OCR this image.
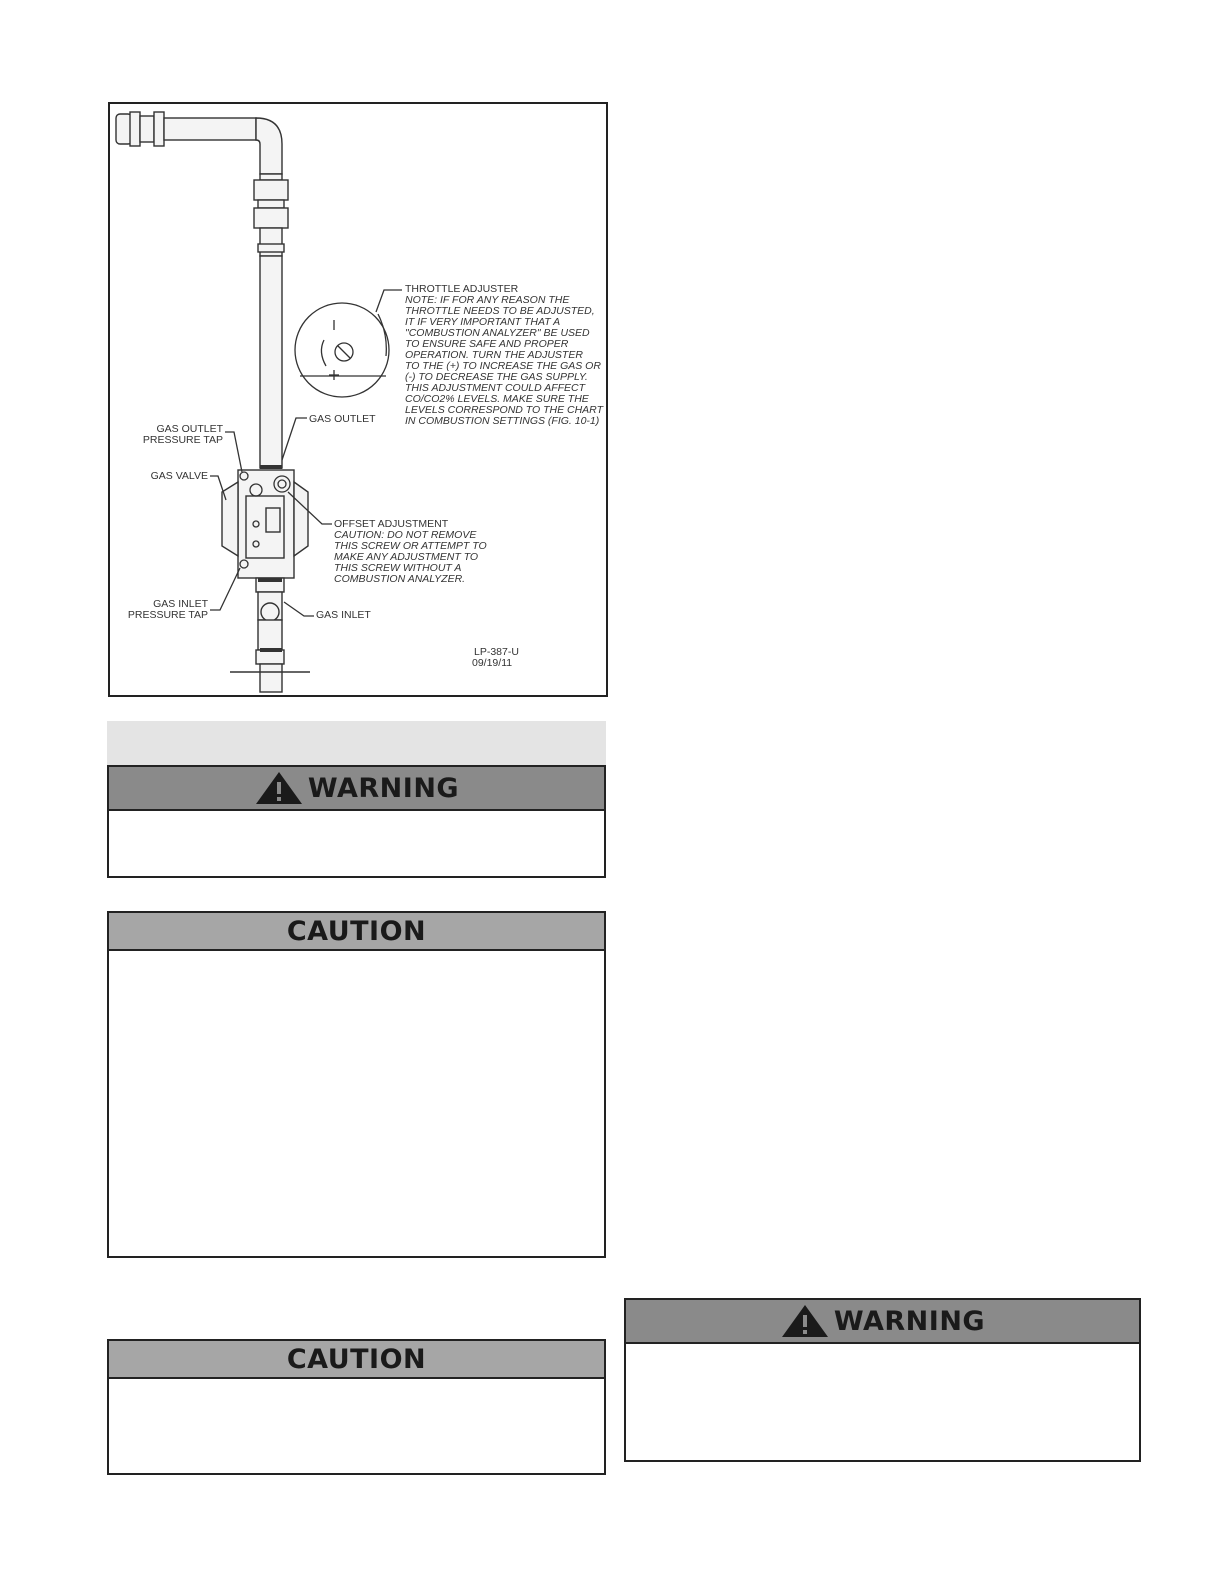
THROTTLE ADJUSTER
NOTE: IF FOR ANY REASON THE
THROTTLE NEEDS TO BE ADJUSTED,
IT IF VERY IMPORTANT THAT A
"COMBUSTION ANALYZER" BE USED
TO ENSURE SAFE AND PROPER
OPERATION. TURN THE ADJUSTER
TO THE (+) TO INCREASE THE GAS OR
(-) TO DECREASE THE GAS SUPPLY.
THIS ADJUSTMENT COULD AFFECT
CO/CO2% LEVELS. MAKE SURE THE
LEVELS CORRESPOND TO THE CHART
IN COMBUSTION SETTINGS (FIG. 10-1)
GAS OUTLET
PRESSURE TAP
GAS OUTLET
GAS VALVE
OFFSET ADJUSTMENT
CAUTION: DO NOT REMOVE
THIS SCREW OR ATTEMPT TO
MAKE ANY ADJUSTMENT TO
THIS SCREW WITHOUT A
COMBUSTION ANALYZER.
GAS INLET
PRESSURE TAP	GAS INLET
LP-387-U
09/19/11
WARNING
CAUTION
CAUTION
WARNING
